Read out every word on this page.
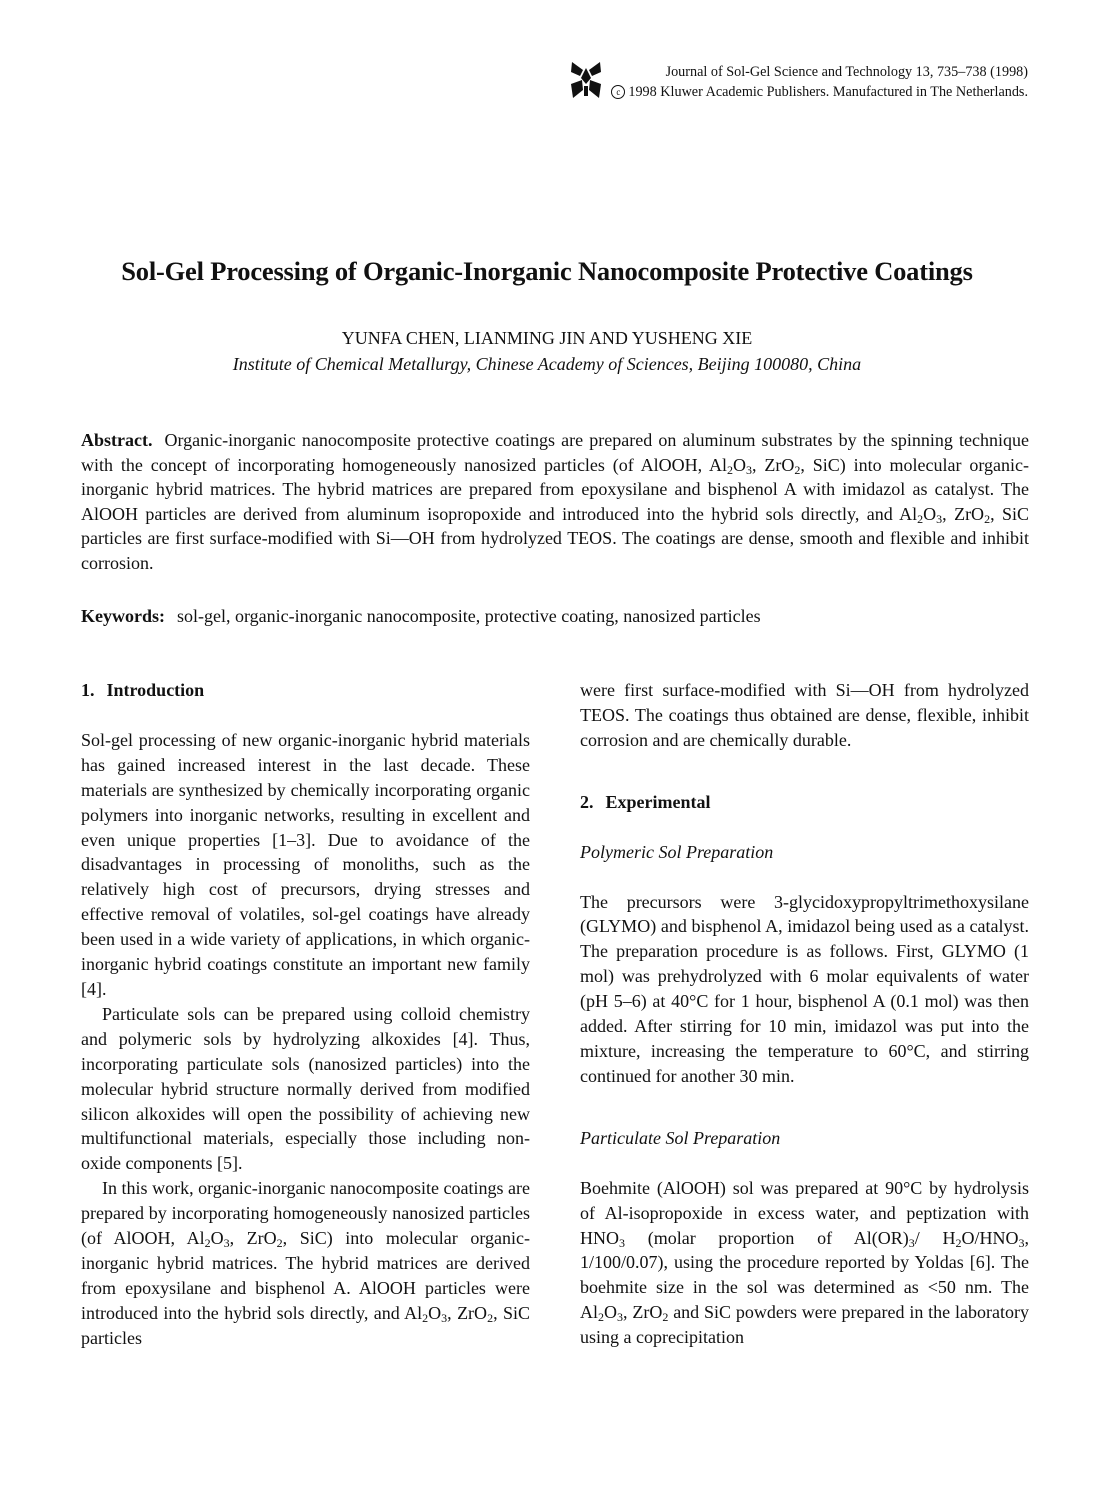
Journal of Sol-Gel Science and Technology 13, 735–738 (1998)
c 1998 Kluwer Academic Publishers. Manufactured in The Netherlands.
Sol-Gel Processing of Organic-Inorganic Nanocomposite Protective Coatings

YUNFA CHEN, LIANMING JIN AND YUSHENG XIE

Institute of Chemical Metallurgy, Chinese Academy of Sciences, Beijing 100080, China

Abstract. Organic-inorganic nanocomposite protective coatings are prepared on aluminum substrates by the spinning technique with the concept of incorporating homogeneously nanosized particles (of AlOOH, $Al_2O_3$, ZrO$_2$, SiC) into molecular organic-inorganic hybrid matrices. The hybrid matrices are prepared from epoxysilane and bisphenol A with imidazol as catalyst. The AlOOH particles are derived from aluminum isopropoxide and introduced into the hybrid sols directly, and $Al_2O_3$, ZrO$_2$, SiC particles are first surface-modified with Si—OH from hydrolyzed TEOS. The coatings are dense, smooth and flexible and inhibit corrosion.

Keywords: sol-gel, organic-inorganic nanocomposite, protective coating, nanosized particles

1. Introduction

Sol-gel processing of new organic-inorganic hybrid materials has gained increased interest in the last decade. These materials are synthesized by chemically incorporating organic polymers into inorganic networks, resulting in excellent and even unique properties [1–3]. Due to avoidance of the disadvantages in processing of monoliths, such as the relatively high cost of precursors, drying stresses and effective removal of volatiles, sol-gel coatings have already been used in a wide variety of applications, in which organic-inorganic hybrid coatings constitute an important new family [4].

Particulate sols can be prepared using colloid chemistry and polymeric sols by hydrolyzing alkoxides [4]. Thus, incorporating particulate sols (nanosized particles) into the molecular hybrid structure normally derived from modified silicon alkoxides will open the possibility of achieving new multifunctional materials, especially those including non-oxide components [5].

In this work, organic-inorganic nanocomposite coatings are prepared by incorporating homogeneously nanosized particles (of AlOOH, $Al_2O_3$, ZrO$_2$, SiC) into molecular organic-inorganic hybrid matrices. The hybrid matrices are derived from epoxysilane and bisphenol A. AlOOH particles were introduced into the hybrid sols directly, and $Al_2O_3$, ZrO$_2$, SiC particles

were first surface-modified with Si—OH from hydrolyzed TEOS. The coatings thus obtained are dense, flexible, inhibit corrosion and are chemically durable.

2. Experimental
Polymeric Sol Preparation

The precursors were 3-glycidoxypropyltrimethoxysilane (GLYMO) and bisphenol A, imidazol being used as a catalyst. The preparation procedure is as follows. First, GLYMO (1 mol) was prehydrolyzed with 6 molar equivalents of water (pH 5–6) at 40°C for 1 hour, bisphenol A (0.1 mol) was then added. After stirring for 10 min, imidazol was put into the mixture, increasing the temperature to 60°C, and stirring continued for another 30 min.

Particulate Sol Preparation

Boehmite (AlOOH) sol was prepared at 90°C by hydrolysis of Al-isopropoxide in excess water, and peptization with $HNO_3$ (molar proportion of $Al(OR)_3/$ $H_2O/HNO_3$, 1/100/0.07), using the procedure reported by Yoldas [6]. The boehmite size in the sol was determined as <50 nm. The $Al_2O_3$, ZrO$_2$ and SiC powders were prepared in the laboratory using a coprecipitation
